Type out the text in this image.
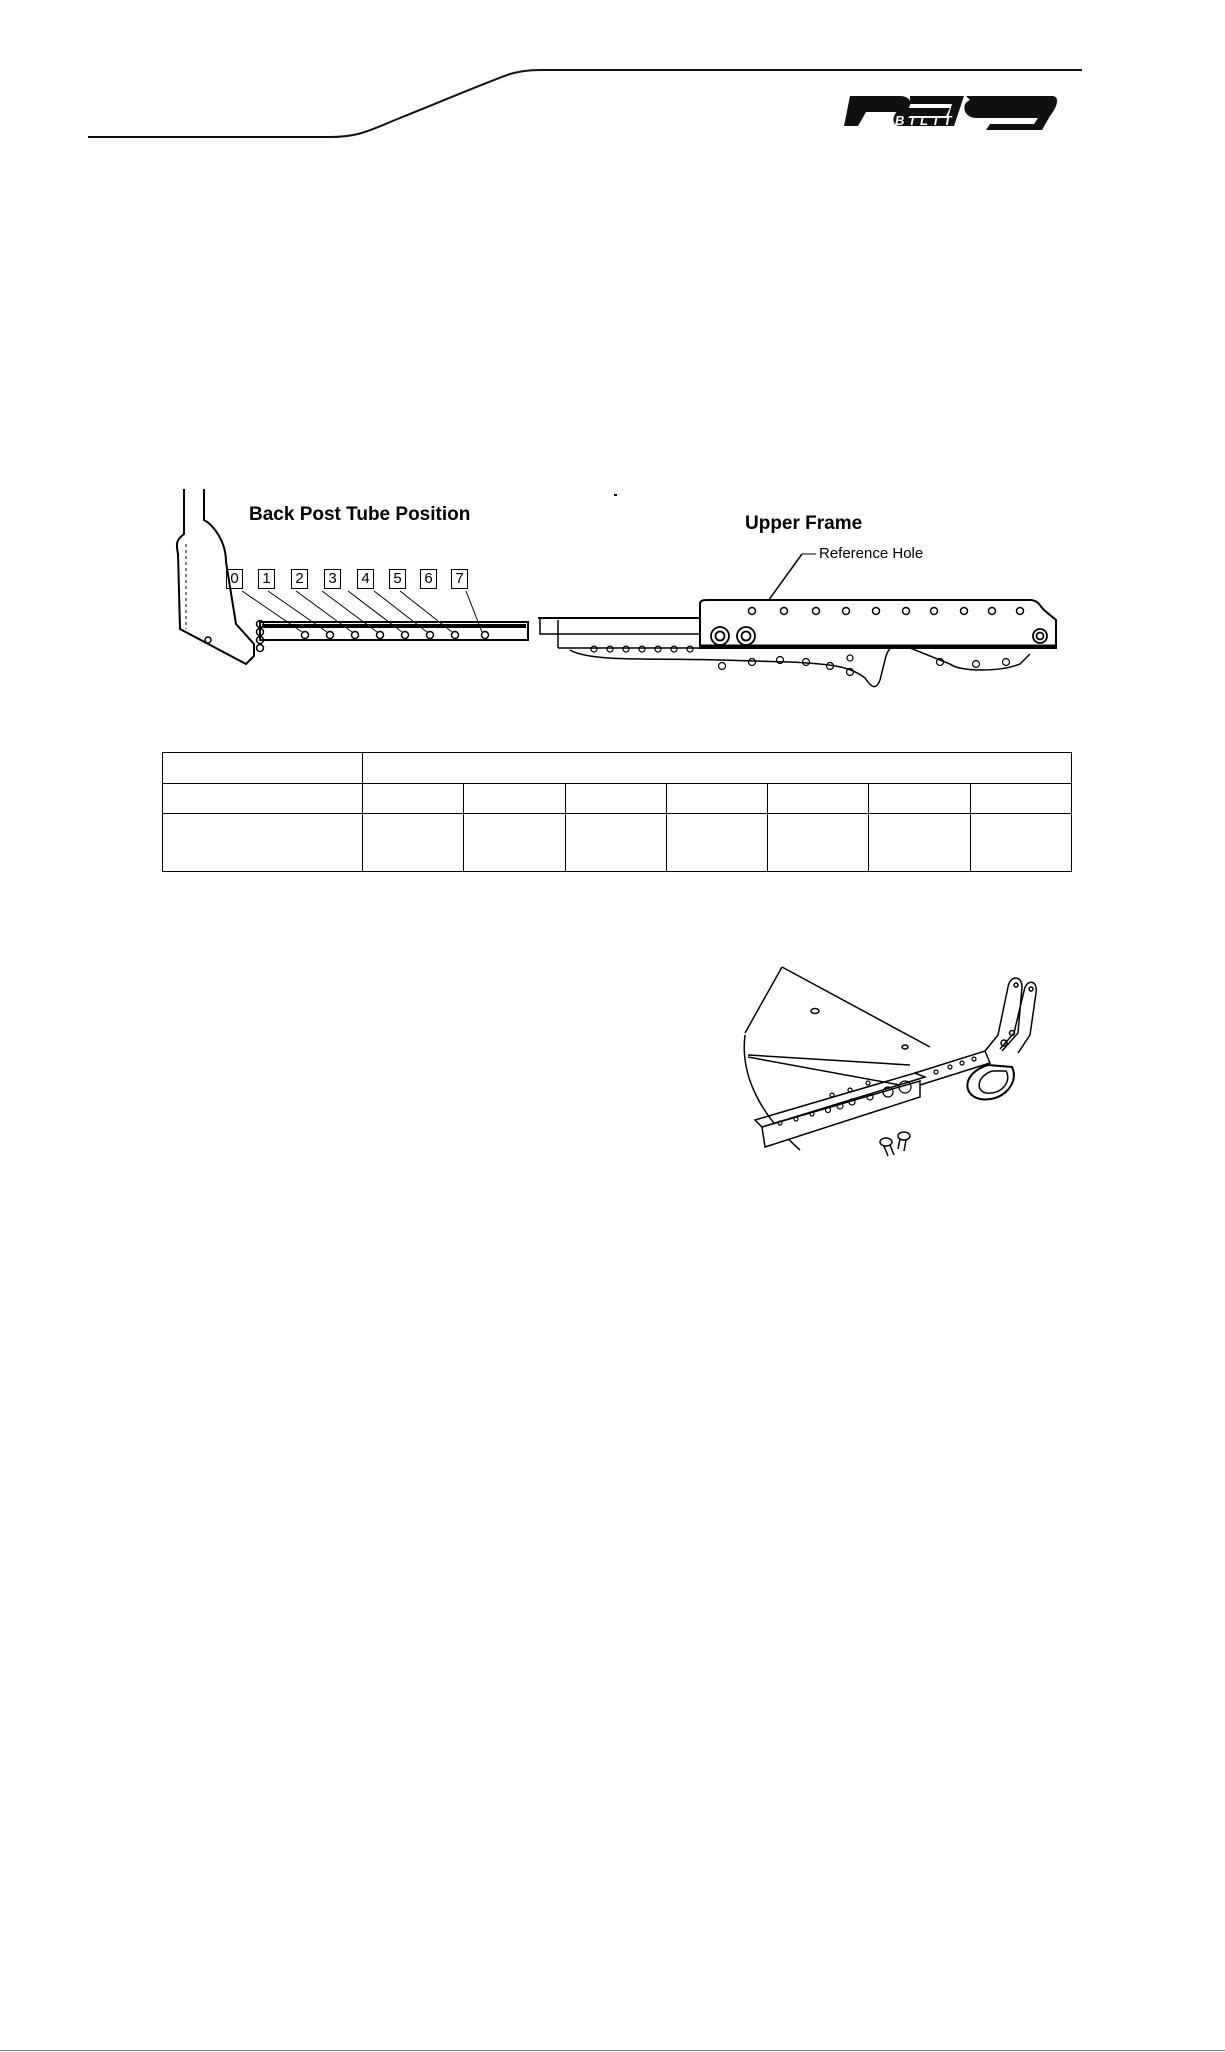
MOBILITY
Back Post Tube Position
0 1 2 3 4 5 6 7
Upper Frame
Reference Hole
